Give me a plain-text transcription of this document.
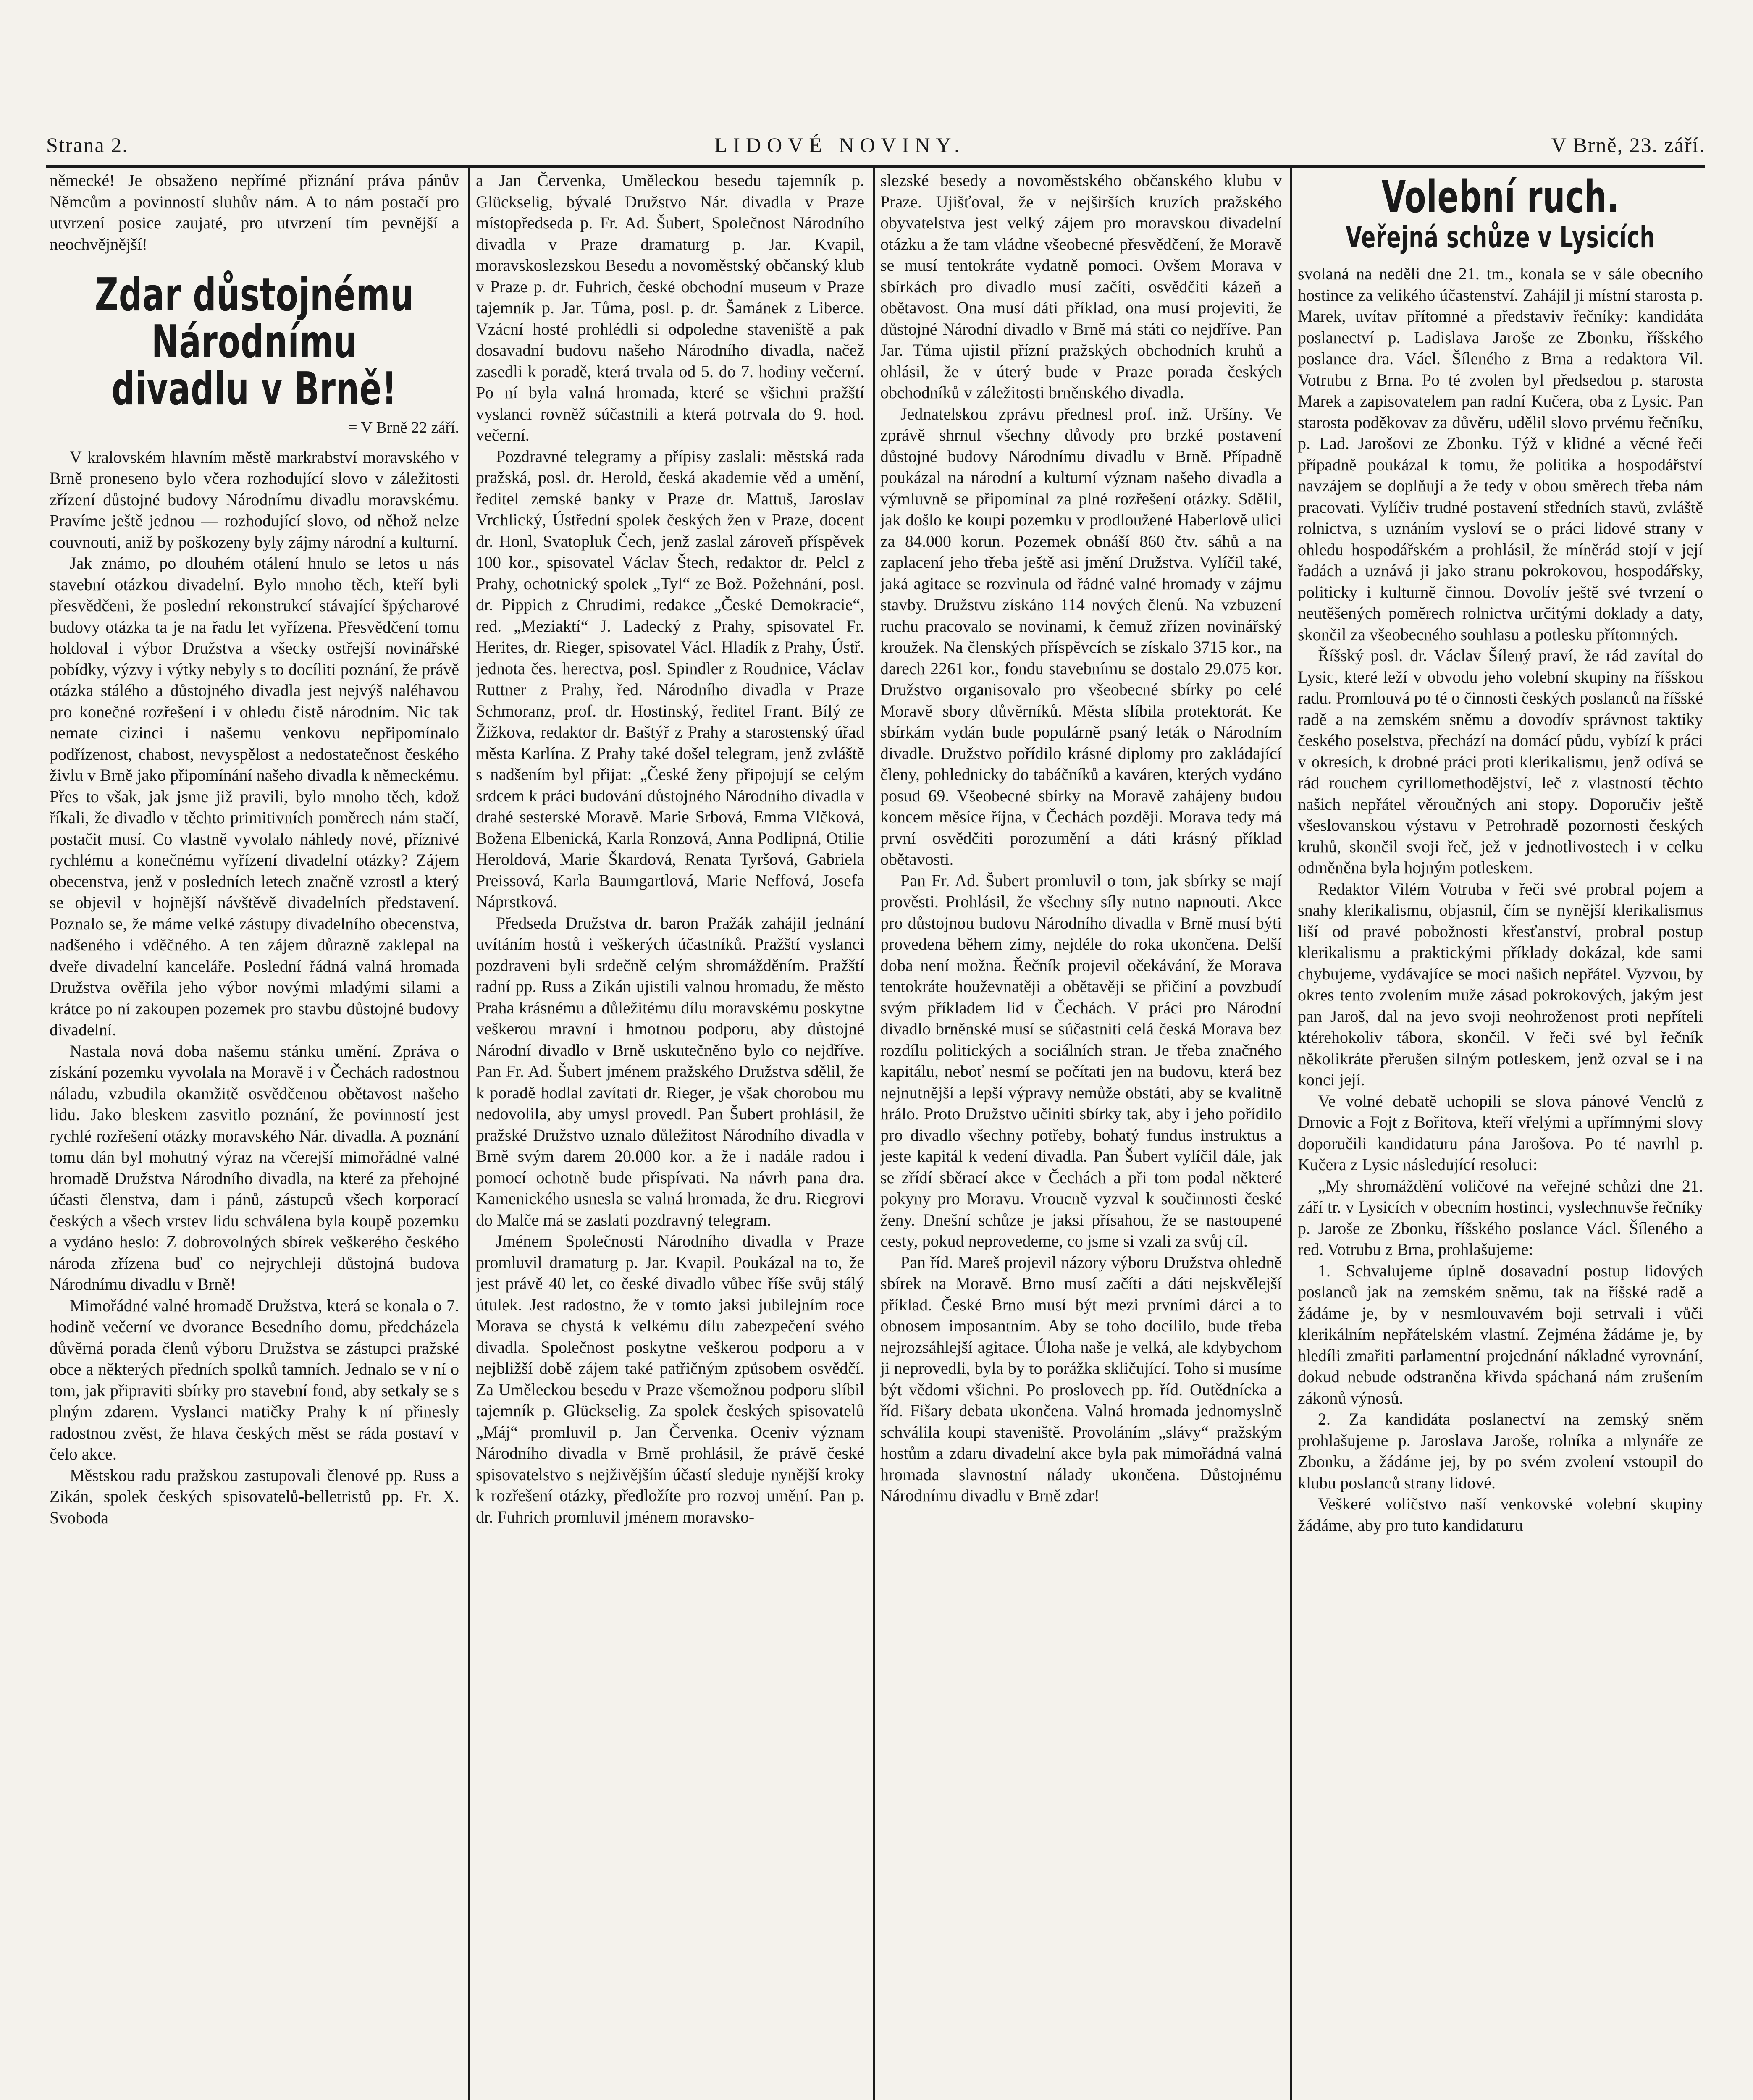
Strana 2.	LIDOVÉ NOVINY.	V Brně, 23. září.

německé! Je obsaženo nepřímé přiznání práva pánův Němcům a povinností sluhův nám. A to nám postačí pro utvrzení posice zaujaté, pro utvrzení tím pevnější a neochvějnější!

Zdar důstojnému Národnímu divadlu v Brně!
= V Brně 22 září.

V kralovském hlavním městě markrabství moravského v Brně proneseno bylo včera rozhodující slovo v záležitosti zřízení důstojné budovy Národnímu divadlu moravskému. Pravíme ještě jednou — rozhodující slovo, od něhož nelze couvnouti, aniž by poškozeny byly zájmy národní a kulturní.

Jak známo, po dlouhém otálení hnulo se letos u nás stavební otázkou divadelní. Bylo mnoho těch, kteří byli přesvědčeni, že poslední rekonstrukcí stávající špýcharové budovy otázka ta je na řadu let vyřízena. Přesvědčení tomu holdoval i výbor Družstva a všecky ostřejší novinářské pobídky, výzvy i výtky nebyly s to docíliti poznání, že právě otázka stálého a důstojného divadla jest nejvýš naléhavou pro konečné rozřešení i v ohledu čistě národním. Nic tak nemate cizinci i našemu venkovu nepřipomínalo podřízenost, chabost, nevyspělost a nedostatečnost českého živlu v Brně jako připomínání našeho divadla k německému. Přes to však, jak jsme již pravili, bylo mnoho těch, kdož říkali, že divadlo v těchto primitivních poměrech nám stačí, postačit musí. Co vlastně vyvolalo náhledy nové, příznivé rychlému a konečnému vyřízení divadelní otázky? Zájem obecenstva, jenž v posledních letech značně vzrostl a který se objevil v hojnější návštěvě divadelních představení. Poznalo se, že máme velké zástupy divadelního obecenstva, nadšeného i vděčného. A ten zájem důrazně zaklepal na dveře divadelní kanceláře. Poslední řádná valná hromada Družstva ověřila jeho výbor novými mladými silami a krátce po ní zakoupen pozemek pro stavbu důstojné budovy divadelní.

Nastala nová doba našemu stánku umění. Zpráva o získání pozemku vyvolala na Moravě i v Čechách radostnou náladu, vzbudila okamžitě osvědčenou obětavost našeho lidu. Jako bleskem zasvitlo poznání, že povinností jest rychlé rozřešení otázky moravského Nár. divadla. A poznání tomu dán byl mohutný výraz na včerejší mimořádné valné hromadě Družstva Národního divadla, na které za přehojné účasti členstva, dam i pánů, zástupců všech korporací českých a všech vrstev lidu schválena byla koupě pozemku a vydáno heslo: Z dobrovolných sbírek veškerého českého národa zřízena buď co nejrychleji důstojná budova Národnímu divadlu v Brně!

Mimořádné valné hromadě Družstva, která se konala o 7. hodině večerní ve dvorance Besedního domu, předcházela důvěrná porada členů výboru Družstva se zástupci pražské obce a některých předních spolků tamních. Jednalo se v ní o tom, jak připraviti sbírky pro stavební fond, aby setkaly se s plným zdarem. Vyslanci matičky Prahy k ní přinesly radostnou zvěst, že hlava českých měst se ráda postaví v čelo akce.

Městskou radu pražskou zastupovali členové pp. Russ a Zikán, spolek českých spisovatelů-belletristů pp. Fr. X. Svoboda

a Jan Červenka, Uměleckou besedu tajemník p. Glückselig, bývalé Družstvo Nár. divadla v Praze místopředseda p. Fr. Ad. Šubert, Společnost Národního divadla v Praze dramaturg p. Jar. Kvapil, moravskoslezskou Besedu a novoměstský občanský klub v Praze p. dr. Fuhrich, české obchodní museum v Praze tajemník p. Jar. Tůma, posl. p. dr. Šamánek z Liberce. Vzácní hosté prohlédli si odpoledne staveniště a pak dosavadní budovu našeho Národního divadla, načež zasedli k poradě, která trvala od 5. do 7. hodiny večerní. Po ní byla valná hromada, které se všichni pražští vyslanci rovněž súčastnili a která potrvala do 9. hod. večerní.

Pozdravné telegramy a přípisy zaslali: městská rada pražská, posl. dr. Herold, česká akademie věd a umění, ředitel zemské banky v Praze dr. Mattuš, Jaroslav Vrchlický, Ústřední spolek českých žen v Praze, docent dr. Honl, Svatopluk Čech, jenž zaslal zároveň příspěvek 100 kor., spisovatel Václav Štech, redaktor dr. Pelcl z Prahy, ochotnický spolek „Tyl“ ze Bož. Požehnání, posl. dr. Pippich z Chrudimi, redakce „České Demokracie“, red. „Meziaktí“ J. Ladecký z Prahy, spisovatel Fr. Herites, dr. Rieger, spisovatel Václ. Hladík z Prahy, Ústř. jednota čes. herectva, posl. Spindler z Roudnice, Václav Ruttner z Prahy, řed. Národního divadla v Praze Schmoranz, prof. dr. Hostinský, ředitel Frant. Bílý ze Žižkova, redaktor dr. Baštýř z Prahy a starostenský úřad města Karlína. Z Prahy také došel telegram, jenž zvláště s nadšením byl přijat: „České ženy připojují se celým srdcem k práci budování důstojného Národního divadla v drahé sesterské Moravě. Marie Srbová, Emma Vlčková, Božena Elbenická, Karla Ronzová, Anna Podlipná, Otilie Heroldová, Marie Škardová, Renata Tyršová, Gabriela Preissová, Karla Baumgartlová, Marie Neffová, Josefa Náprstková.

Předseda Družstva dr. baron Pražák zahájil jednání uvítáním hostů i veškerých účastníků. Pražští vyslanci pozdraveni byli srdečně celým shromážděním. Pražští radní pp. Russ a Zikán ujistili valnou hromadu, že město Praha krásnému a důležitému dílu moravskému poskytne veškerou mravní i hmotnou podporu, aby důstojné Národní divadlo v Brně uskutečněno bylo co nejdříve. Pan Fr. Ad. Šubert jménem pražského Družstva sdělil, že k poradě hodlal zavítati dr. Rieger, je však chorobou mu nedovolila, aby umysl provedl. Pan Šubert prohlásil, že pražské Družstvo uznalo důležitost Národního divadla v Brně svým darem 20.000 kor. a že i nadále radou i pomocí ochotně bude přispívati. Na návrh pana dra. Kamenického usnesla se valná hromada, že dru. Riegrovi do Malče má se zaslati pozdravný telegram.

Jménem Společnosti Národního divadla v Praze promluvil dramaturg p. Jar. Kvapil. Poukázal na to, že jest právě 40 let, co české divadlo vůbec říše svůj stálý útulek. Jest radostno, že v tomto jaksi jubilejním roce Morava se chystá k velkému dílu zabezpečení svého divadla. Společnost poskytne veškerou podporu a v nejbližší době zájem také patřičným způsobem osvědčí. Za Uměleckou besedu v Praze všemožnou podporu slíbil tajemník p. Glückselig. Za spolek českých spisovatelů „Máj“ promluvil p. Jan Červenka. Oceniv význam Národního divadla v Brně prohlásil, že právě české spisovatelstvo s nejživějším účastí sleduje nynější kroky k rozřešení otázky, předložíte pro rozvoj umění. Pan p. dr. Fuhrich promluvil jménem moravsko-

slezské besedy a novoměstského občanského klubu v Praze. Ujišťoval, že v nejširších kruzích pražského obyvatelstva jest velký zájem pro moravskou divadelní otázku a že tam vládne všeobecné přesvědčení, že Moravě se musí tentokráte vydatně pomoci. Ovšem Morava v sbírkách pro divadlo musí začíti, osvědčiti kázeň a obětavost. Ona musí dáti příklad, ona musí projeviti, že důstojné Národní divadlo v Brně má státi co nejdříve. Pan Jar. Tůma ujistil přízní pražských obchodních kruhů a ohlásil, že v úterý bude v Praze porada českých obchodníků v záležitosti brněnského divadla.

Jednatelskou zprávu přednesl prof. inž. Uršíny. Ve zprávě shrnul všechny důvody pro brzké postavení důstojné budovy Národnímu divadlu v Brně. Případně poukázal na národní a kulturní význam našeho divadla a výmluvně se připomínal za plné rozřešení otázky. Sdělil, jak došlo ke koupi pozemku v prodloužené Haberlově ulici za 84.000 korun. Pozemek obnáší 860 čtv. sáhů a na zaplacení jeho třeba ještě asi jmění Družstva. Vylíčil také, jaká agitace se rozvinula od řádné valné hromady v zájmu stavby. Družstvu získáno 114 nových členů. Na vzbuzení ruchu pracovalo se novinami, k čemuž zřízen novinářský kroužek. Na členských příspěvcích se získalo 3715 kor., na darech 2261 kor., fondu stavebnímu se dostalo 29.075 kor. Družstvo organisovalo pro všeobecné sbírky po celé Moravě sbory důvěrníků. Města slíbila protektorát. Ke sbírkám vydán bude populárně psaný leták o Národním divadle. Družstvo pořídilo krásné diplomy pro zakládající členy, pohlednicky do tabáčníků a kaváren, kterých vydáno posud 69. Všeobecné sbírky na Moravě zahájeny budou koncem měsíce října, v Čechách později. Morava tedy má první osvědčiti porozumění a dáti krásný příklad obětavosti.

Pan Fr. Ad. Šubert promluvil o tom, jak sbírky se mají prověsti. Prohlásil, že všechny síly nutno napnouti. Akce pro důstojnou budovu Národního divadla v Brně musí býti provedena během zimy, nejdéle do roka ukončena. Delší doba není možna. Řečník projevil očekávání, že Morava tentokráte houževnatěji a obětavěji se přičiní a povzbudí svým příkladem lid v Čechách. V práci pro Národní divadlo brněnské musí se súčastniti celá česká Morava bez rozdílu politických a sociálních stran. Je třeba značného kapitálu, neboť nesmí se počítati jen na budovu, která bez nejnutnější a lepší výpravy nemůže obstáti, aby se kvalitně hrálo. Proto Družstvo učiniti sbírky tak, aby i jeho pořídilo pro divadlo všechny potřeby, bohatý fundus instruktus a jeste kapitál k vedení divadla. Pan Šubert vylíčil dále, jak se zřídí sběrací akce v Čechách a při tom podal některé pokyny pro Moravu. Vroucně vyzval k součinnosti české ženy. Dnešní schůze je jaksi přísahou, že se nastoupené cesty, pokud neprovedeme, co jsme si vzali za svůj cíl.

Pan říd. Mareš projevil názory výboru Družstva ohledně sbírek na Moravě. Brno musí začíti a dáti nejskvělejší příklad. České Brno musí být mezi prvními dárci a to obnosem imposantním. Aby se toho docílilo, bude třeba nejrozsáhlejší agitace. Úloha naše je velká, ale kdybychom ji neprovedli, byla by to porážka skličující. Toho si musíme být vědomi všichni. Po proslovech pp. říd. Outědnícka a říd. Fišary debata ukončena. Valná hromada jednomyslně schválila koupi staveniště. Provoláním „slávy“ pražským hostům a zdaru divadelní akce byla pak mimořádná valná hromada slavnostní nálady ukončena. Důstojnému Národnímu divadlu v Brně zdar!

Volební ruch.
Veřejná schůze v Lysicích

svolaná na neděli dne 21. tm., konala se v sále obecního hostince za velikého účastenství. Zahájil ji místní starosta p. Marek, uvítav přítomné a představiv řečníky: kandidáta poslanectví p. Ladislava Jaroše ze Zbonku, říšského poslance dra. Václ. Šíleného z Brna a redaktora Vil. Votrubu z Brna. Po té zvolen byl předsedou p. starosta Marek a zapisovatelem pan radní Kučera, oba z Lysic. Pan starosta poděkovav za důvěru, udělil slovo prvému řečníku, p. Lad. Jarošovi ze Zbonku. Týž v klidné a věcné řeči případně poukázal k tomu, že politika a hospodářství navzájem se doplňují a že tedy v obou směrech třeba nám pracovati. Vylíčiv trudné postavení středních stavů, zvláště rolnictva, s uznáním vysloví se o práci lidové strany v ohledu hospodářském a prohlásil, že míněrád stojí v její řadách a uznává ji jako stranu pokrokovou, hospodářsky, politicky i kulturně činnou. Dovolív ještě své tvrzení o neutěšených poměrech rolnictva určitými doklady a daty, skončil za všeobecného souhlasu a potlesku přítomných.

Říšský posl. dr. Václav Šílený praví, že rád zavítal do Lysic, které leží v obvodu jeho volební skupiny na říšskou radu. Promlouvá po té o činnosti českých poslanců na říšské radě a na zemském sněmu a dovodív správnost taktiky českého poselstva, přechází na domácí půdu, vybízí k práci v okresích, k drobné práci proti klerikalismu, jenž odívá se rád rouchem cyrillomethodějství, leč z vlastností těchto našich nepřátel věroučných ani stopy. Doporučiv ještě všeslovanskou výstavu v Petrohradě pozornosti českých kruhů, skončil svoji řeč, jež v jednotlivostech i v celku odměněna byla hojným potleskem.

Redaktor Vilém Votruba v řeči své probral pojem a snahy klerikalismu, objasnil, čím se nynější klerikalismus liší od pravé pobožnosti křesťanství, probral postup klerikalismu a praktickými příklady dokázal, kde sami chybujeme, vydávajíce se moci našich nepřátel. Vyzvou, by okres tento zvolením muže zásad pokrokových, jakým jest pan Jaroš, dal na jevo svoji neohroženost proti nepříteli ktérehokoliv tábora, skončil. V řeči své byl řečník několikráte přerušen silným potleskem, jenž ozval se i na konci její.

Ve volné debatě uchopili se slova pánové Venclů z Drnovic a Fojt z Bořitova, kteří vřelými a upřímnými slovy doporučili kandidaturu pána Jarošova. Po té navrhl p. Kučera z Lysic následující resoluci:

„My shromáždění voličové na veřejné schůzi dne 21. září tr. v Lysicích v obecním hostinci, vyslechnuvše řečníky p. Jaroše ze Zbonku, říšského poslance Václ. Šíleného a red. Votrubu z Brna, prohlašujeme:

1. Schvalujeme úplně dosavadní postup lidových poslanců jak na zemském sněmu, tak na říšské radě a žádáme je, by v nesmlouvavém boji setrvali i vůči klerikálním nepřátelském vlastní. Zejména žádáme je, by hledíli zmařiti parlamentní projednání nákladné vyrovnání, dokud nebude odstraněna křivda spáchaná nám zrušením zákonů výnosů.

2. Za kandidáta poslanectví na zemský sněm prohlašujeme p. Jaroslava Jaroše, rolníka a mlynáře ze Zbonku, a žádáme jej, by po svém zvolení vstoupil do klubu poslanců strany lidové.

Veškeré voličstvo naší venkovské volební skupiny žádáme, aby pro tuto kandidaturu
